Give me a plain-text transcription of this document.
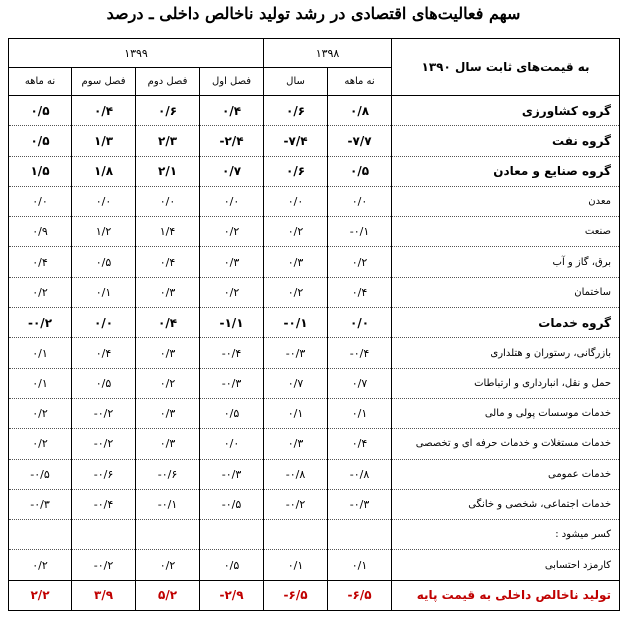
سهم فعالیت‌های اقتصادی در رشد تولید ناخالص داخلی ـ درصد
به قیمت‌های ثابت سال ۱۳۹۰	۱۳۹۸		۱۳۹۹			
	نه ماهه	سال	فصل اول	فصل دوم	فصل سوم	نه ماهه
گروه کشاورزی	۰/۸	۰/۶	۰/۴	۰/۶	۰/۴	۰/۵
گروه نفت	-۷/۷	-۷/۴	-۲/۴	۲/۳	۱/۳	۰/۵
گروه صنایع و معادن	۰/۵	۰/۶	۰/۷	۲/۱	۱/۸	۱/۵
معدن	۰/۰	۰/۰	۰/۰	۰/۰	۰/۰	۰/۰
صنعت	-۰/۱	۰/۲	۰/۲	۱/۴	۱/۲	۰/۹
برق، گاز و آب	۰/۲	۰/۳	۰/۳	۰/۴	۰/۵	۰/۴
ساختمان	۰/۴	۰/۲	۰/۲	۰/۳	۰/۱	۰/۲
گروه خدمات	۰/۰	-۰/۱	-۱/۱	۰/۴	۰/۰	-۰/۲
بازرگانی، رستوران و هتلداری	-۰/۴	-۰/۳	-۰/۴	۰/۳	۰/۴	۰/۱
حمل و نقل، انبارداری و ارتباطات	۰/۷	۰/۷	-۰/۳	۰/۲	۰/۵	۰/۱
خدمات موسسات پولی و مالی	۰/۱	۰/۱	۰/۵	۰/۳	-۰/۲	۰/۲
خدمات مستغلات و خدمات حرفه ای و تخصصی	۰/۴	۰/۳	۰/۰	۰/۳	-۰/۲	۰/۲
خدمات عمومی	-۰/۸	-۰/۸	-۰/۳	-۰/۶	-۰/۶	-۰/۵
خدمات اجتماعی، شخصی و خانگی	-۰/۳	-۰/۲	-۰/۵	-۰/۱	-۰/۴	-۰/۳
کسر میشود :						
کارمزد احتسابی	۰/۱	۰/۱	۰/۵	۰/۲	-۰/۲	۰/۲
تولید ناخالص داخلی به قیمت پایه	-۶/۵	-۶/۵	-۲/۹	۵/۲	۳/۹	۲/۲
